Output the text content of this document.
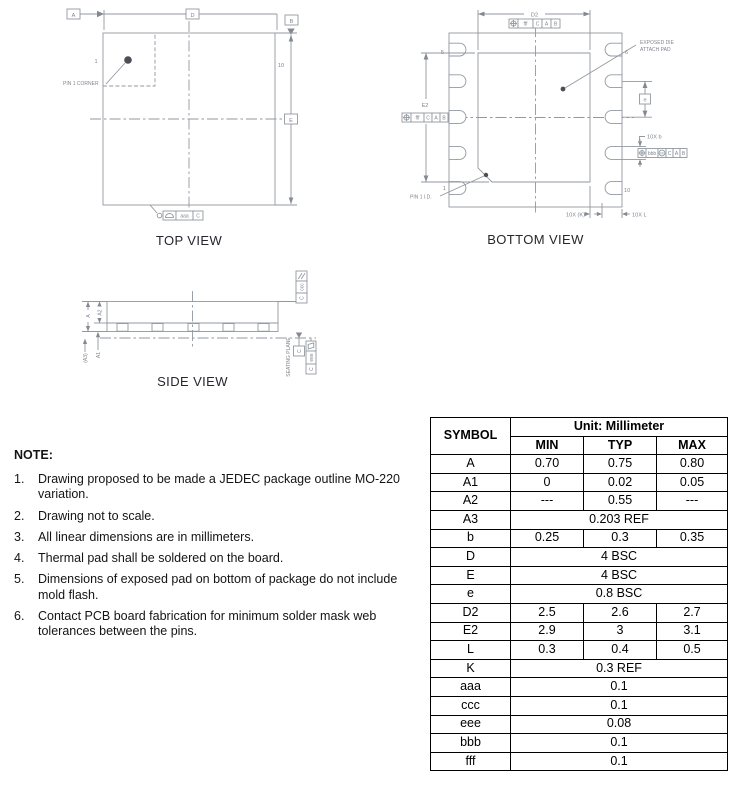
PIN 1 CORNER
1
A	D
B
E
10
aaa C
5	6
1	10
EXPOSED DIE
ATTACH PAD
D2
fff C A B
E2
fff C A B
e
10X b
bbb M C A B
10X (K)	10X L
PIN 1 I.D.
A
A2
(A3) A1
ccc
C
SEATING PLANE C
eee
C
TOP VIEW	BOTTOM VIEW
SIDE VIEW
NOTE:
1.	Drawing proposed to be made a JEDEC package outline MO-220 variation.
2.	Drawing not to scale.
3.	All linear dimensions are in millimeters.
4.	Thermal pad shall be soldered on the board.
5.	Dimensions of exposed pad on bottom of package do not include mold flash.
6.	Contact PCB board fabrication for minimum solder mask web tolerances between the pins.
SYMBOL	Unit: Millimeter		
	MIN	TYP	MAX
A	0.70	0.75	0.80
A1	0	0.02	0.05
A2	---	0.55	---
A3	0.203 REF		
b	0.25	0.3	0.35
D	4 BSC		
E	4 BSC		
e	0.8 BSC		
D2	2.5	2.6	2.7
E2	2.9	3	3.1
L	0.3	0.4	0.5
K	0.3 REF		
aaa	0.1		
ccc	0.1		
eee	0.08		
bbb	0.1		
fff	0.1		
